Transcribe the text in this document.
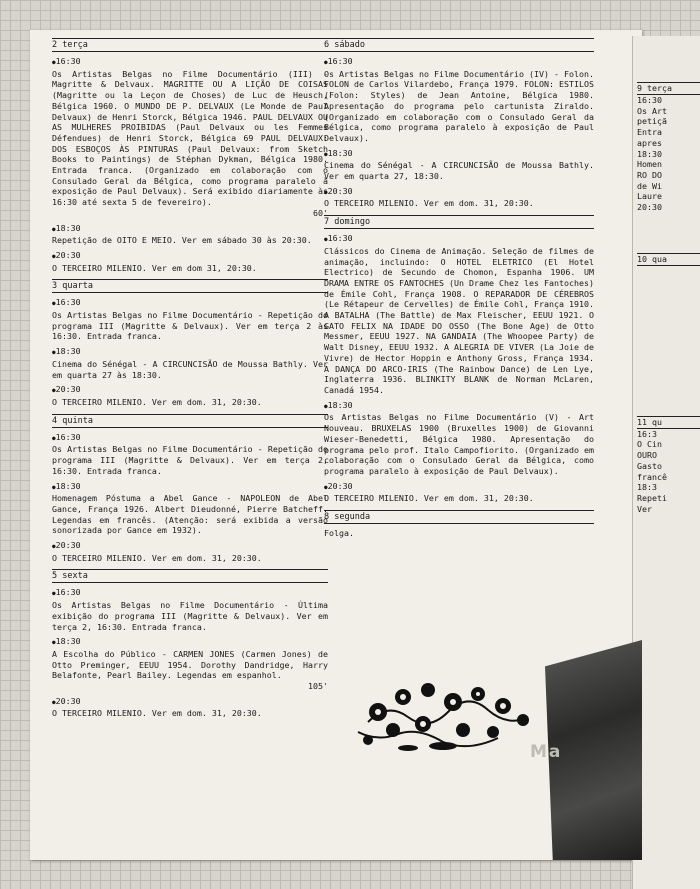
9 terça
16:30
Os Art
petiçã
Entra
apres
18:30
Homen
RO DO
de Wi
Laure
20:30
10 qua
11 qu
16:3
O Cin
OURO
Gasto
francê
18:3
Repeti
Ver
Ma
2 terça
● 16:30
Os Artistas Belgas no Filme Documentário (III) - Magritte & Delvaux. MAGRITTE OU A LIÇÃO DE COISAS (Magritte ou la Leçon de Choses) de Luc de Heusch, Bélgica 1960. O MUNDO DE P. DELVAUX (Le Monde de Paul Delvaux) de Henri Storck, Bélgica 1946. PAUL DELVAUX OU AS MULHERES PROIBIDAS (Paul Delvaux ou les Femmes Défendues) de Henri Storck, Bélgica 69 PAUL DELVAUX: DOS ESBOÇOS ÀS PINTURAS (Paul Delvaux: from Sketch Books to Paintings) de Stéphan Dykman, Bélgica 1980. Entrada franca. (Organizado em colaboração com o Consulado Geral da Bélgica, como programa paralelo à exposição de Paul Delvaux). Será exibido diariamente às 16:30 até sexta 5 de fevereiro).
60'
● 18:30
Repetição de OITO E MEIO. Ver em sábado 30 às 20:30.
● 20:30
O TERCEIRO MILENIO. Ver em dom 31, 20:30.
3 quarta
● 16:30
Os Artistas Belgas no Filme Documentário - Repetição do programa III (Magritte & Delvaux). Ver em terça 2 às 16:30. Entrada franca.
● 18:30
Cinema do Sénégal - A CIRCUNCISÃO de Moussa Bathly. Ver em quarta 27 às 18:30.
● 20:30
O TERCEIRO MILENIO. Ver em dom. 31, 20:30.
4 quinta
● 16:30
Os Artistas Belgas no Filme Documentário - Repetição do programa III (Magritte & Delvaux). Ver em terça 2, 16:30. Entrada franca.
● 18:30
Homenagem Póstuma a Abel Gance - NAPOLEON de Abel Gance, França 1926. Albert Dieudonné, Pierre Batcheff. Legendas em francês. (Atenção: será exibida a versão sonorizada por Gance em 1932).
● 20:30
O TERCEIRO MILENIO. Ver em dom. 31, 20:30.
5 sexta
● 16:30
Os Artistas Belgas no Filme Documentário - Última exibição do programa III (Magritte & Delvaux). Ver em terça 2, 16:30. Entrada franca.
● 18:30
A Escolha do Público - CARMEN JONES (Carmen Jones) de Otto Preminger, EEUU 1954. Dorothy Dandridge, Harry Belafonte, Pearl Bailey. Legendas em espanhol.
105'
● 20:30
O TERCEIRO MILENIO. Ver em dom. 31, 20:30.
6 sábado
● 16:30
Os Artistas Belgas no Filme Documentário (IV) - Folon. FOLON de Carlos Vilardebo, França 1979. FOLON: ESTILOS (Folon: Styles) de Jean Antoine, Bélgica 1980. Apresentação do programa pelo cartunista Ziraldo. (Organizado em colaboração com o Consulado Geral da Bélgica, como programa paralelo à exposição de Paul Delvaux).
● 18:30
Cinema do Sénégal - A CIRCUNCISÃO de Moussa Bathly. Ver em quarta 27, 18:30.
● 20:30
O TERCEIRO MILENIO. Ver em dom. 31, 20:30.
7 domingo
● 16:30
Clássicos do Cinema de Animação. Seleção de filmes de animação, incluindo: O HOTEL ELETRICO (El Hotel Electrico) de Secundo de Chomon, Espanha 1906. UM DRAMA ENTRE OS FANTOCHES (Un Drame Chez les Fantoches) de Émile Cohl, França 1908. O REPARADOR DE CÉREBROS (Le Rétapeur de Cervelles) de Émile Cohl, França 1910. A BATALHA (The Battle) de Max Fleischer, EEUU 1921. O GATO FELIX NA IDADE DO OSSO (The Bone Age) de Otto Messmer, EEUU 1927. NA GANDAIA (The Whoopee Party) de Walt Disney, EEUU 1932. A ALEGRIA DE VIVER (La Joie de Vivre) de Hector Hoppin e Anthony Gross, França 1934. A DANÇA DO ARCO-IRIS (The Rainbow Dance) de Len Lye, Inglaterra 1936. BLINKITY BLANK de Norman McLaren, Canadá 1954.
● 18:30
Os Artistas Belgas no Filme Documentário (V) - Art Nouveau. BRUXELAS 1900 (Bruxelles 1900) de Giovanni Wieser-Benedetti, Bélgica 1980. Apresentação do programa pelo prof. Italo Campofiorito. (Organizado em colaboração com o Consulado Geral da Bélgica, como programa paralelo à exposição de Paul Delvaux).
● 20:30
O TERCEIRO MILENIO. Ver em dom. 31, 20:30.
8 segunda
Folga.
